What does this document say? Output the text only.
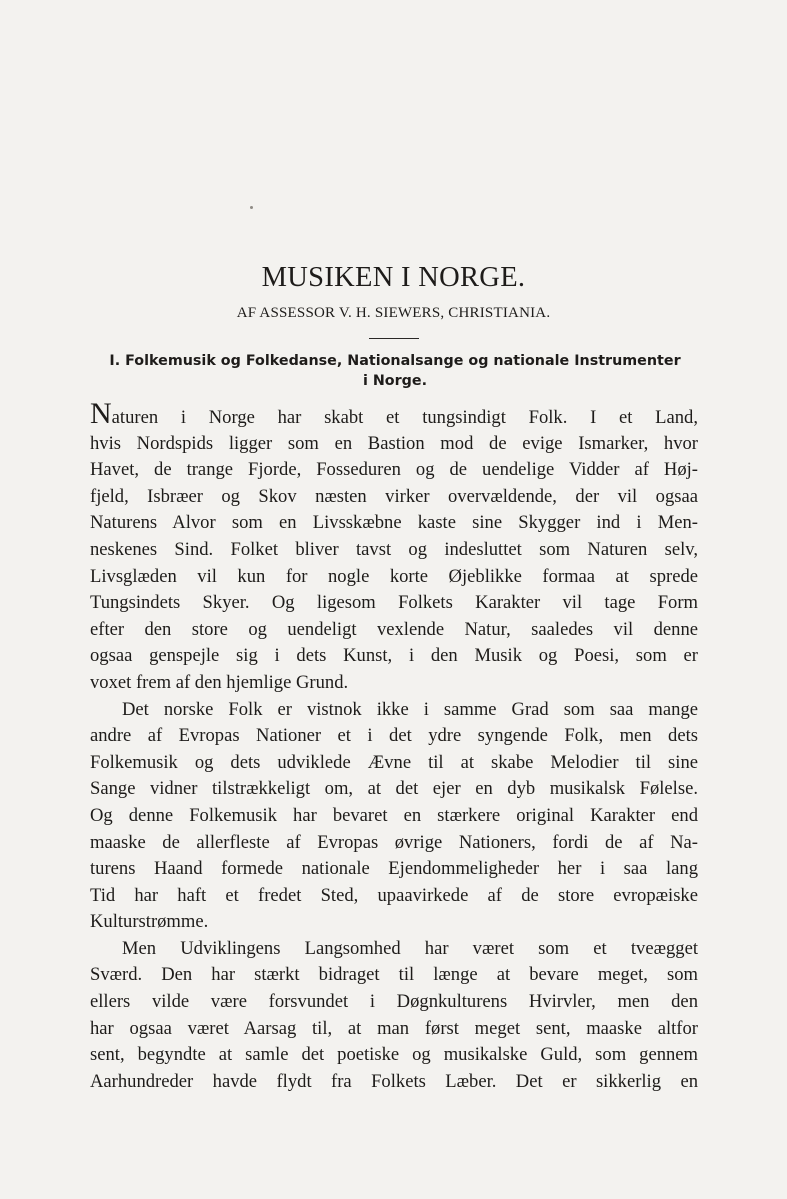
MUSIKEN I NORGE.
AF ASSESSOR V. H. SIEWERS, CHRISTIANIA.
I. Folkemusik og Folkedanse, Nationalsange og nationale Instrumenter
i Norge.
Naturen i Norge har skabt et tungsindigt Folk. I et Land,
hvis Nordspids ligger som en Bastion mod de evige Ismarker, hvor
Havet, de trange Fjorde, Fosseduren og de uendelige Vidder af Høj-
fjeld, Isbræer og Skov næsten virker overvældende, der vil ogsaa
Naturens Alvor som en Livsskæbne kaste sine Skygger ind i Men-
neskenes Sind. Folket bliver tavst og indesluttet som Naturen selv,
Livsglæden vil kun for nogle korte Øjeblikke formaa at sprede
Tungsindets Skyer. Og ligesom Folkets Karakter vil tage Form
efter den store og uendeligt vexlende Natur, saaledes vil denne
ogsaa genspejle sig i dets Kunst, i den Musik og Poesi, som er
voxet frem af den hjemlige Grund.
Det norske Folk er vistnok ikke i samme Grad som saa mange
andre af Evropas Nationer et i det ydre syngende Folk, men dets
Folkemusik og dets udviklede Ævne til at skabe Melodier til sine
Sange vidner tilstrækkeligt om, at det ejer en dyb musikalsk Følelse.
Og denne Folkemusik har bevaret en stærkere original Karakter end
maaske de allerfleste af Evropas øvrige Nationers, fordi de af Na-
turens Haand formede nationale Ejendommeligheder her i saa lang
Tid har haft et fredet Sted, upaavirkede af de store evropæiske
Kulturstrømme.
Men Udviklingens Langsomhed har været som et tveægget
Sværd. Den har stærkt bidraget til længe at bevare meget, som
ellers vilde være forsvundet i Døgnkulturens Hvirvler, men den
har ogsaa været Aarsag til, at man først meget sent, maaske altfor
sent, begyndte at samle det poetiske og musikalske Guld, som gennem
Aarhundreder havde flydt fra Folkets Læber. Det er sikkerlig en
